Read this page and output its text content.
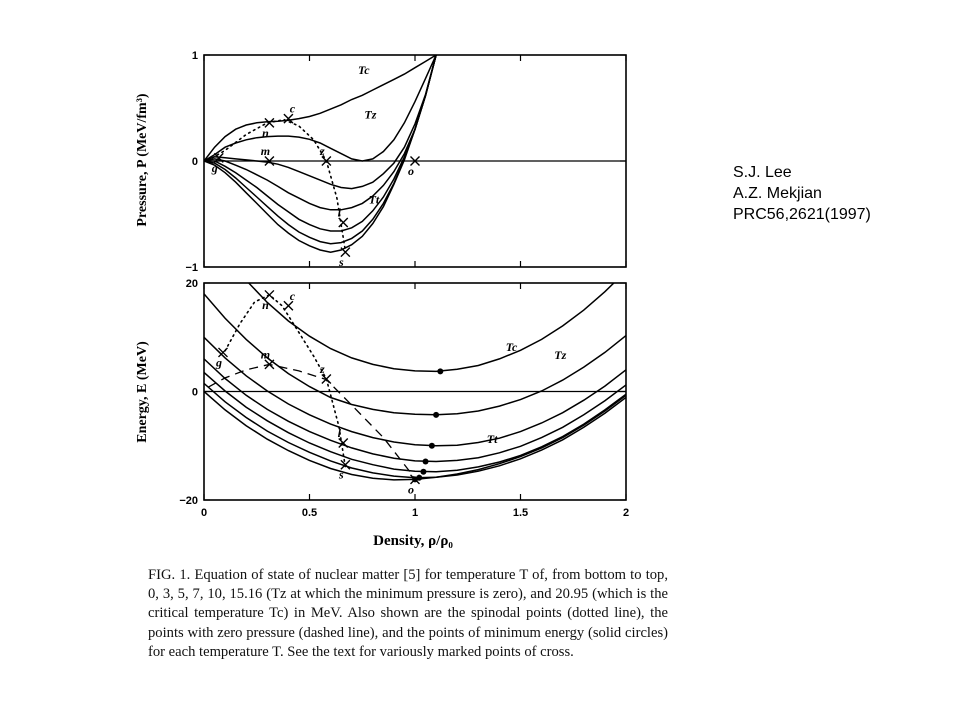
−1
0
1
c
n
m	z
g
l
s
o
Tc
Tz
Tt
0	0.5	1	1.5	2
−20
0
20
c
n
m
z
g
l
s
o
Tc
Tz
Tt
Pressure, P (MeV/fm³)
Energy, E (MeV)
Density, ρ/ρ₀
S.J. Lee
A.Z. Mekjian
PRC56,2621(1997)
FIG. 1. Equation of state of nuclear matter [5] for temperature T of, from bottom to top, 0, 3, 5, 7, 10, 15.16 (Tz at which the minimum pressure is zero), and 20.95 (which is the critical temperature Tc) in MeV. Also shown are the spinodal points (dotted line), the points with zero pressure (dashed line), and the points of minimum energy (solid circles) for each temperature T. See the text for variously marked points of cross.
